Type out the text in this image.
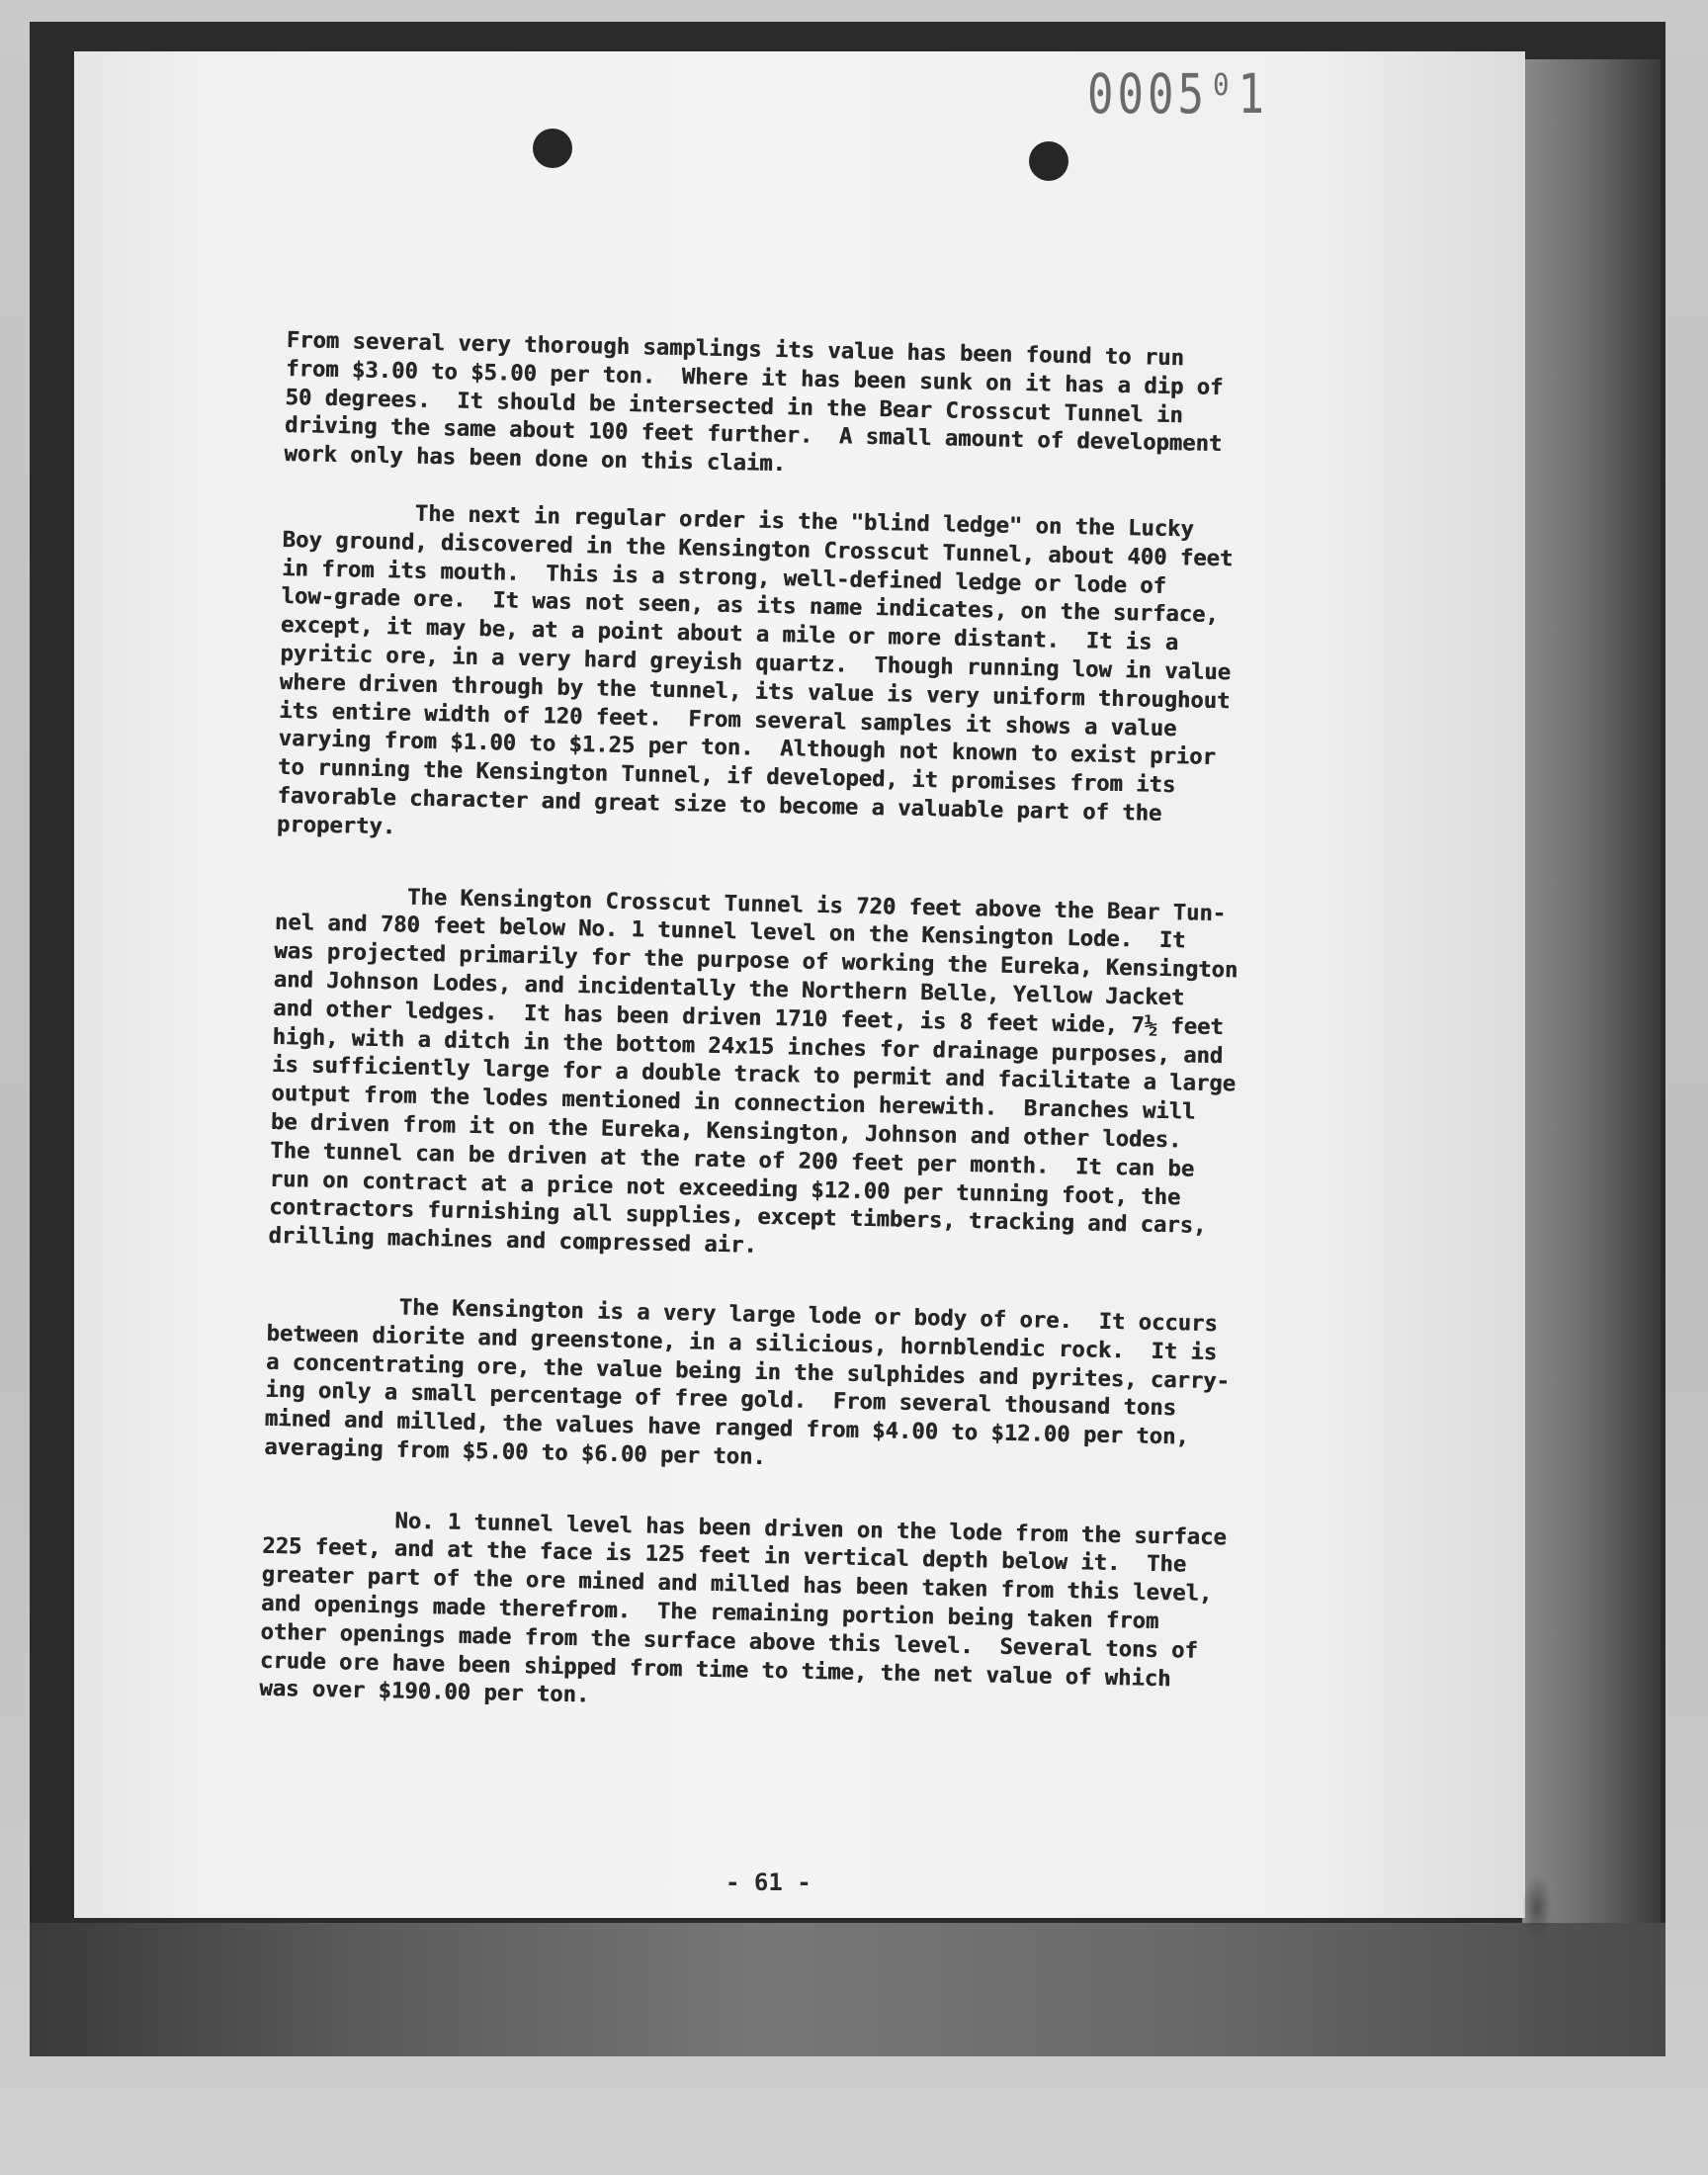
0005⁰1

From several very thorough samplings its value has been found to run
from $3.00 to $5.00 per ton.  Where it has been sunk on it has a dip of
50 degrees.  It should be intersected in the Bear Crosscut Tunnel in
driving the same about 100 feet further.  A small amount of development
work only has been done on this claim.

The next in regular order is the "blind ledge" on the Lucky
Boy ground, discovered in the Kensington Crosscut Tunnel, about 400 feet
in from its mouth.  This is a strong, well-defined ledge or lode of
low-grade ore.  It was not seen, as its name indicates, on the surface,
except, it may be, at a point about a mile or more distant.  It is a
pyritic ore, in a very hard greyish quartz.  Though running low in value
where driven through by the tunnel, its value is very uniform throughout
its entire width of 120 feet.  From several samples it shows a value
varying from $1.00 to $1.25 per ton.  Although not known to exist prior
to running the Kensington Tunnel, if developed, it promises from its
favorable character and great size to become a valuable part of the
property.

The Kensington Crosscut Tunnel is 720 feet above the Bear Tun-
nel and 780 feet below No. 1 tunnel level on the Kensington Lode.  It
was projected primarily for the purpose of working the Eureka, Kensington
and Johnson Lodes, and incidentally the Northern Belle, Yellow Jacket
and other ledges.  It has been driven 1710 feet, is 8 feet wide, 7½ feet
high, with a ditch in the bottom 24x15 inches for drainage purposes, and
is sufficiently large for a double track to permit and facilitate a large
output from the lodes mentioned in connection herewith.  Branches will
be driven from it on the Eureka, Kensington, Johnson and other lodes.
The tunnel can be driven at the rate of 200 feet per month.  It can be
run on contract at a price not exceeding $12.00 per tunning foot, the
contractors furnishing all supplies, except timbers, tracking and cars,
drilling machines and compressed air.

The Kensington is a very large lode or body of ore.  It occurs
between diorite and greenstone, in a silicious, hornblendic rock.  It is
a concentrating ore, the value being in the sulphides and pyrites, carry-
ing only a small percentage of free gold.  From several thousand tons
mined and milled, the values have ranged from $4.00 to $12.00 per ton,
averaging from $5.00 to $6.00 per ton.

No. 1 tunnel level has been driven on the lode from the surface
225 feet, and at the face is 125 feet in vertical depth below it.  The
greater part of the ore mined and milled has been taken from this level,
and openings made therefrom.  The remaining portion being taken from
other openings made from the surface above this level.  Several tons of
crude ore have been shipped from time to time, the net value of which
was over $190.00 per ton.

- 61 -
